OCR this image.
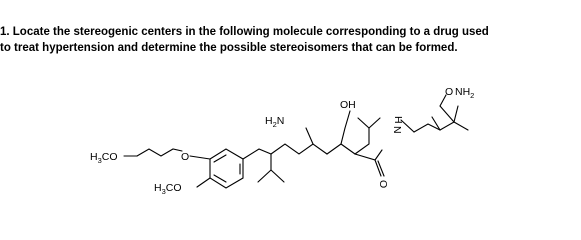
1. Locate the stereogenic centers in the following molecule corresponding to a drug used
to treat hypertension and determine the possible stereoisomers that can be formed.
$H_3CO$	O
$H_3CO$
$H_2N$
OH
O $NH_2$
H
N
O
